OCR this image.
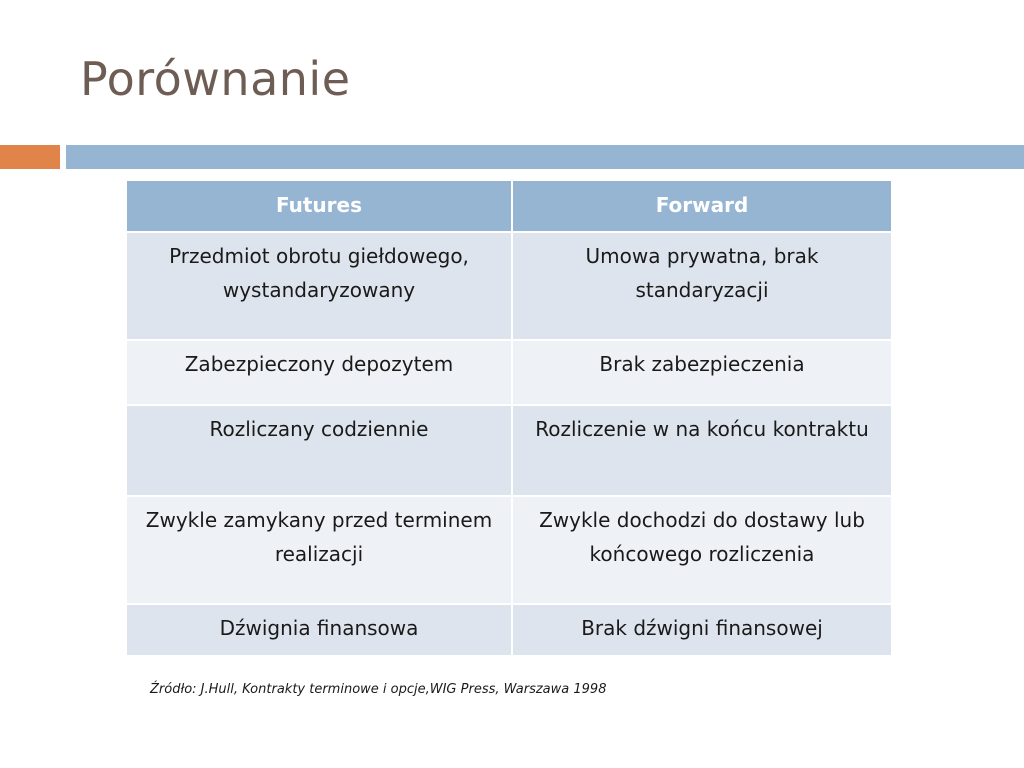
Porównanie
Futures	Forward
Przedmiot obrotu giełdowego, wystandaryzowany	Umowa prywatna, brak standaryzacji
Zabezpieczony depozytem	Brak zabezpieczenia
Rozliczany codziennie	Rozliczenie w na końcu kontraktu
Zwykle zamykany przed terminem realizacji	Zwykle dochodzi do dostawy lub końcowego rozliczenia
Dźwignia finansowa	Brak dźwigni finansowej

Źródło: J.Hull, Kontrakty terminowe i opcje,WIG Press, Warszawa 1998
